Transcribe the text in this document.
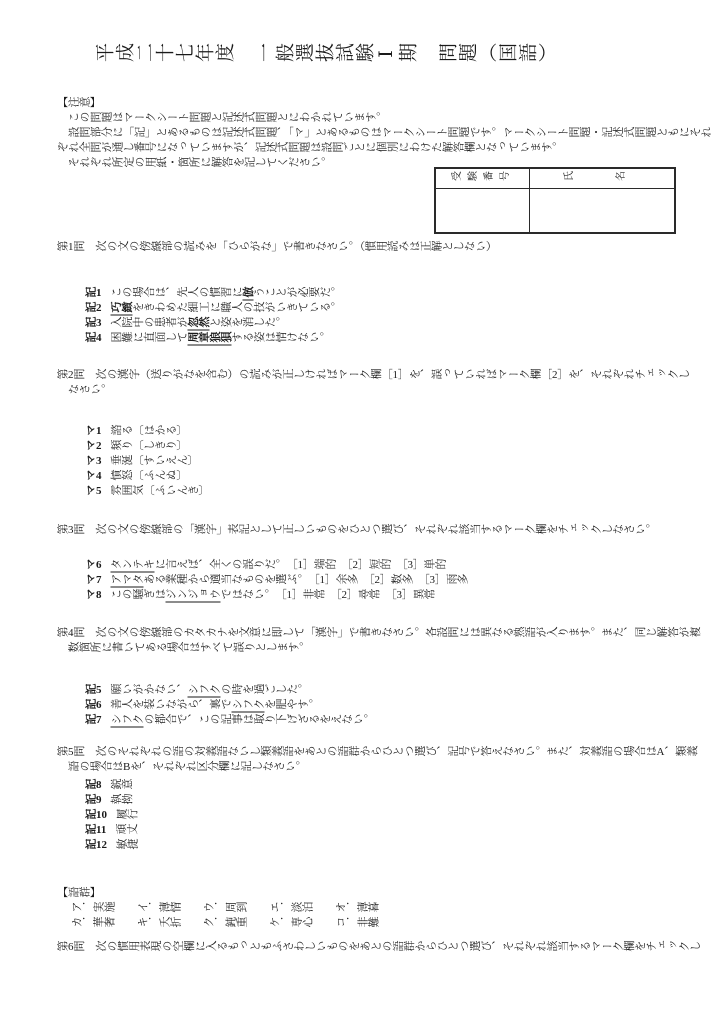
平成二十七年度　一般選抜試験Ⅰ期　問題（国語）
【注意】
この問題はマークシート問題と記述式問題とにわかれています。
設問部分に「記」とあるものは記述式問題、「マ」とあるものはマークシート問題です。マークシート問題・記述式問題ともにそれ
ぞれ全問が通し番号になっていますが、記述式問題は設問ごとに個別にわけた解答欄となっています。
それぞれ所定の用紙・箇所に解答を記してください。
第1問　次の文の傍線部の読みを「ひらがな」で書きなさい。（慣用読みは正解としない）
記1 この場合は、先人の慣習に倣うことが必要だ。
記2 巧緻をきわめた細工に職人の技がいきている。
記3 入院中の患者が忽然と姿を消した。
記4 困難に直面して周章狼狽する姿は情けない。
第2問　次の漢字（送りがなを含む）の読みが正しければマーク欄［1］を、誤っていればマーク欄［2］を、それぞれチェックし
なさい。
マ1 諮る〔はかる〕
マ2 頻り〔しきり〕
マ3 垂涎〔すいえん〕
マ4 憤怒〔ふんぬ〕
マ5 雰囲気〔ふいんき〕
第3問　次の文の傍線部の「漢字」表記として正しいものをひとつ選び、それぞれ該当するマーク欄をチェックしなさい。
マ6 タンテキに言えば、全くの誤りだ。　［1］端的　［2］短的　［3］単的
マ7 アマタある業種から適当なものを選ぶ。　［1］余多　［2］数多　［3］雨多
マ8 この騒ぎはジンジョウではない。　［1］非常　［2］尋常　［3］異常
第4問　次の文の傍線部のカタカナを文意に即して「漢字」で書きなさい。各設問には異なる熟語が入ります。また、同じ解答が複
数箇所に書いてある場合はすべて誤りとします。
記5 願いがかない、シフクの時を過ごした。
記6 善人を装いながら、裏でシフクを肥やす。
記7 シフクの都合で、この記事は取り下げざるをえない。
第5問　次のそれぞれの語の対義語ないし類義語をあとの語群からひとつ選び、記号で答えなさい。また、対義語の場合はA、類義
語の場合はBを、それぞれ区分欄に記しなさい。
記8 鋭意
記9 執拗
記10 履行
記11 頑丈
記12 敏捷
【語群】
ア．実施　　イ．薄情　　ウ．周到　　エ．淡泊　　オ．薄暮
カ．華奢　　キ．夭折　　ク．鈍重　　ケ．専心　　コ．非難
第6問　次の慣用表現の空欄に入るもっともふさわしいものをあとの語群からひとつ選び、それぞれ該当するマーク欄をチェックし
受験番号	氏　名
